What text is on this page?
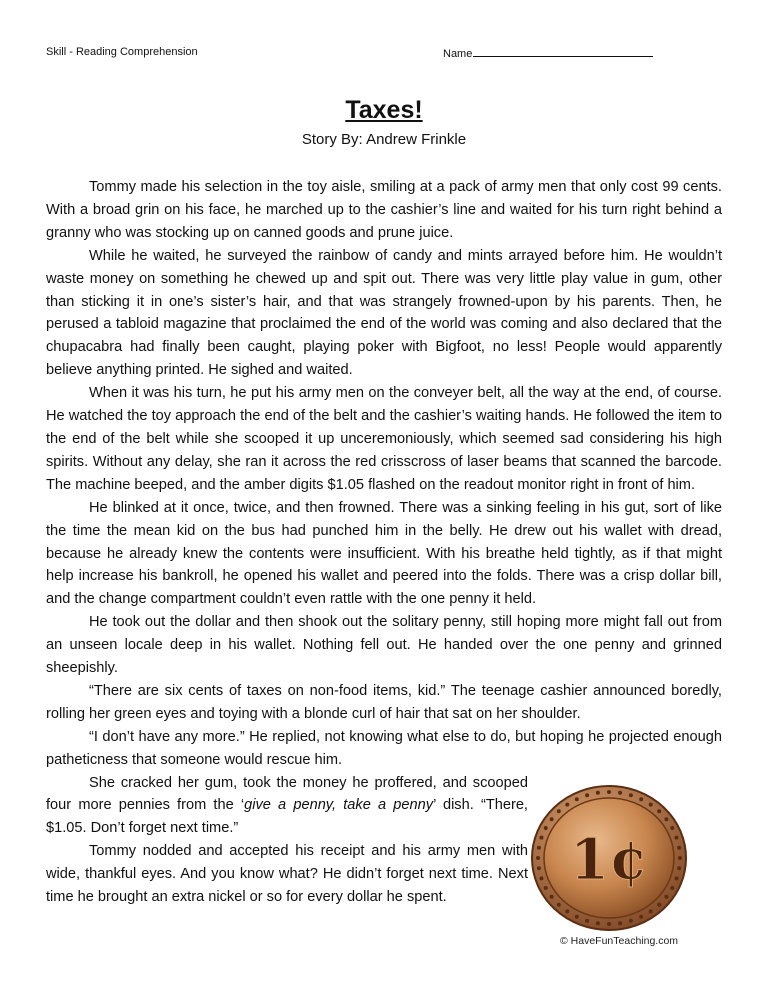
Skill - Reading Comprehension	Name
Taxes!
Story By: Andrew Frinkle

Tommy made his selection in the toy aisle, smiling at a pack of army men that only cost 99 cents. With a broad grin on his face, he marched up to the cashier’s line and waited for his turn right behind a granny who was stocking up on canned goods and prune juice.

While he waited, he surveyed the rainbow of candy and mints arrayed before him. He wouldn’t waste money on something he chewed up and spit out. There was very little play value in gum, other than sticking it in one’s sister’s hair, and that was strangely frowned-upon by his parents. Then, he perused a tabloid magazine that proclaimed the end of the world was coming and also declared that the chupacabra had finally been caught, playing poker with Bigfoot, no less! People would apparently believe anything printed. He sighed and waited.

When it was his turn, he put his army men on the conveyer belt, all the way at the end, of course. He watched the toy approach the end of the belt and the cashier’s waiting hands. He followed the item to the end of the belt while she scooped it up unceremoniously, which seemed sad considering his high spirits. Without any delay, she ran it across the red crisscross of laser beams that scanned the barcode. The machine beeped, and the amber digits $1.05 flashed on the readout monitor right in front of him.

He blinked at it once, twice, and then frowned. There was a sinking feeling in his gut, sort of like the time the mean kid on the bus had punched him in the belly. He drew out his wallet with dread, because he already knew the contents were insufficient. With his breathe held tightly, as if that might help increase his bankroll, he opened his wallet and peered into the folds. There was a crisp dollar bill, and the change compartment couldn’t even rattle with the one penny it held.

He took out the dollar and then shook out the solitary penny, still hoping more might fall out from an unseen locale deep in his wallet. Nothing fell out. He handed over the one penny and grinned sheepishly.

“There are six cents of taxes on non-food items, kid.” The teenage cashier announced boredly, rolling her green eyes and toying with a blonde curl of hair that sat on her shoulder.

“I don’t have any more.” He replied, not knowing what else to do, but hoping he projected enough patheticness that someone would rescue him.

She cracked her gum, took the money he proffered, and scooped four more pennies from the ‘give a penny, take a penny’ dish. “There, $1.05. Don’t forget next time.”

Tommy nodded and accepted his receipt and his army men with wide, thankful eyes. And you know what? He didn’t forget next time. Next time he brought an extra nickel or so for every dollar he spent.

1¢
© HaveFunTeaching.com
